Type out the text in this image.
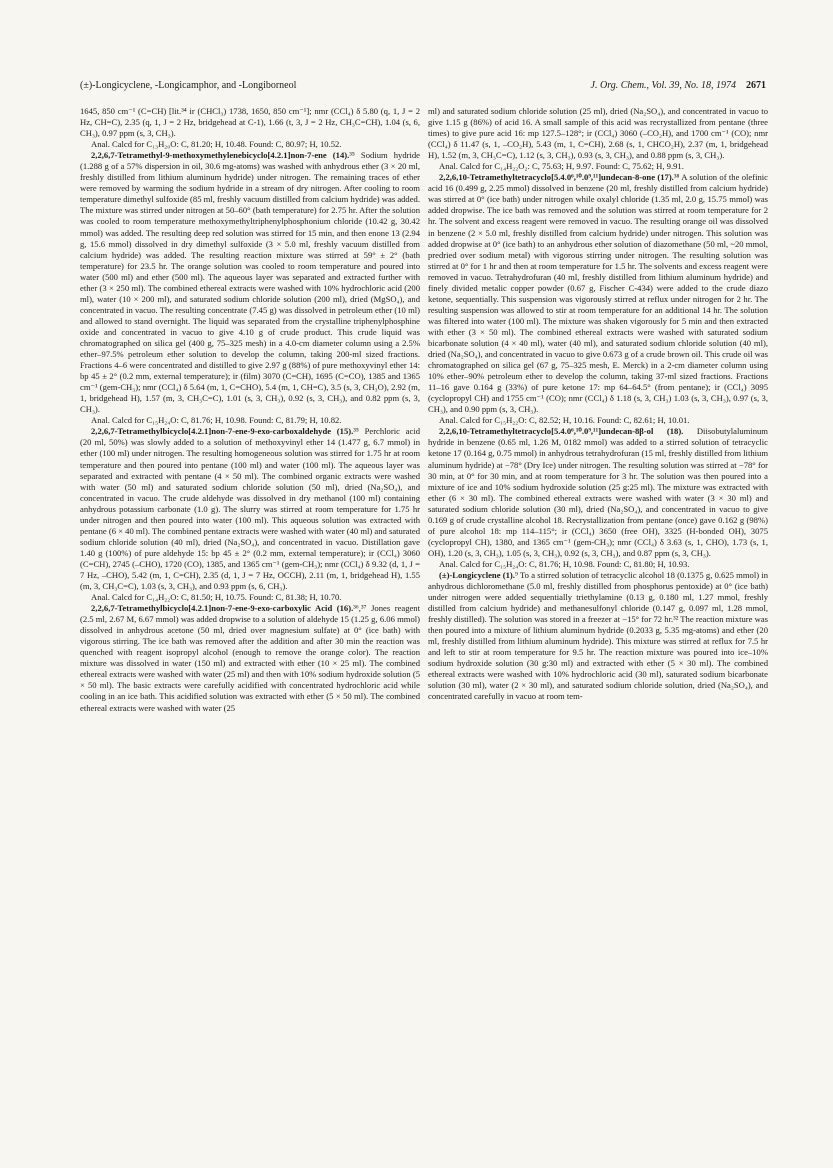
(±)-Longicyclene, -Longicamphor, and -Longiborneol	J. Org. Chem., Vol. 39, No. 18, 1974 2671

1645, 850 cm⁻¹ (C=CH) [lit.³⁴ ir (CHCl₃) 1738, 1650, 850 cm⁻¹]; nmr (CCl₄) δ 5.80 (q, 1, J = 2 Hz, CH=C), 2.35 (q, 1, J = 2 Hz, bridgehead at C-1), 1.66 (t, 3, J = 2 Hz, CH₃C=CH), 1.04 (s, 6, CH₃), 0.97 ppm (s, 3, CH₃).

Anal. Calcd for C₁₃H₂₀O: C, 81.20; H, 10.48. Found: C, 80.97; H, 10.52.

2,2,6,7-Tetramethyl-9-methoxymethylenebicyclo[4.2.1]non-7-ene (14).³⁵ Sodium hydride (1.288 g of a 57% dispersion in oil, 30.6 mg-atoms) was washed with anhydrous ether (3 × 20 ml, freshly distilled from lithium aluminum hydride) under nitrogen. The remaining traces of ether were removed by warming the sodium hydride in a stream of dry nitrogen. After cooling to room temperature dimethyl sulfoxide (85 ml, freshly vacuum distilled from calcium hydride) was added. The mixture was stirred under nitrogen at 50–60° (bath temperature) for 2.75 hr. After the solution was cooled to room temperature methoxymethyltriphenylphosphonium chloride (10.42 g, 30.42 mmol) was added. The resulting deep red solution was stirred for 15 min, and then enone 13 (2.94 g, 15.6 mmol) dissolved in dry dimethyl sulfoxide (3 × 5.0 ml, freshly vacuum distilled from calcium hydride) was added. The resulting reaction mixture was stirred at 59° ± 2° (bath temperature) for 23.5 hr. The orange solution was cooled to room temperature and poured into water (500 ml) and ether (500 ml). The aqueous layer was separated and extracted further with ether (3 × 250 ml). The combined ethereal extracts were washed with 10% hydrochloric acid (200 ml), water (10 × 200 ml), and saturated sodium chloride solution (200 ml), dried (MgSO₄), and concentrated in vacuo. The resulting concentrate (7.45 g) was dissolved in petroleum ether (10 ml) and allowed to stand overnight. The liquid was separated from the crystalline triphenylphosphine oxide and concentrated in vacuo to give 4.10 g of crude product. This crude liquid was chromatographed on silica gel (400 g, 75–325 mesh) in a 4.0-cm diameter column using a 2.5% ether–97.5% petroleum ether solution to develop the column, taking 200-ml sized fractions. Fractions 4–6 were concentrated and distilled to give 2.97 g (88%) of pure methoxyvinyl ether 14: bp 45 ± 2° (0.2 mm, external temperature); ir (film) 3070 (C=CH), 1695 (C=CO), 1385 and 1365 cm⁻¹ (gem-CH₃); nmr (CCl₄) δ 5.64 (m, 1, C=CHO), 5.4 (m, 1, CH=C), 3.5 (s, 3, CH₃O), 2.92 (m, 1, bridgehead H), 1.57 (m, 3, CH₃C=C), 1.01 (s, 3, CH₃), 0.92 (s, 3, CH₃), and 0.82 ppm (s, 3, CH₃).

Anal. Calcd for C₁₅H₂₄O: C, 81.76; H, 10.98. Found: C, 81.79; H, 10.82.

2,2,6,7-Tetramethylbicyclo[4.2.1]non-7-ene-9-exo-carboxaldehyde (15).³⁵ Perchloric acid (20 ml, 50%) was slowly added to a solution of methoxyvinyl ether 14 (1.477 g, 6.7 mmol) in ether (100 ml) under nitrogen. The resulting homogeneous solution was stirred for 1.75 hr at room temperature and then poured into pentane (100 ml) and water (100 ml). The aqueous layer was separated and extracted with pentane (4 × 50 ml). The combined organic extracts were washed with water (50 ml) and saturated sodium chloride solution (50 ml), dried (Na₂SO₄), and concentrated in vacuo. The crude aldehyde was dissolved in dry methanol (100 ml) containing anhydrous potassium carbonate (1.0 g). The slurry was stirred at room temperature for 1.75 hr under nitrogen and then poured into water (100 ml). This aqueous solution was extracted with pentane (6 × 40 ml). The combined pentane extracts were washed with water (40 ml) and saturated sodium chloride solution (40 ml), dried (Na₂SO₄), and concentrated in vacuo. Distillation gave 1.40 g (100%) of pure aldehyde 15: bp 45 ± 2° (0.2 mm, external temperature); ir (CCl₄) 3060 (C=CH), 2745 (–CHO), 1720 (CO), 1385, and 1365 cm⁻¹ (gem-CH₃); nmr (CCl₄) δ 9.32 (d, 1, J = 7 Hz, –CHO), 5.42 (m, 1, C=CH), 2.35 (d, 1, J = 7 Hz, OCCH), 2.11 (m, 1, bridgehead H), 1.55 (m, 3, CH₃C=C), 1.03 (s, 3, CH₃), and 0.93 ppm (s, 6, CH₃).

Anal. Calcd for C₁₄H₂₂O: C, 81.50; H, 10.75. Found: C, 81.38; H, 10.70.

2,2,6,7-Tetramethylbicyclo[4.2.1]non-7-ene-9-exo-carboxylic Acid (16).³⁶,³⁷ Jones reagent (2.5 ml, 2.67 M, 6.67 mmol) was added dropwise to a solution of aldehyde 15 (1.25 g, 6.06 mmol) dissolved in anhydrous acetone (50 ml, dried over magnesium sulfate) at 0° (ice bath) with vigorous stirring. The ice bath was removed after the addition and after 30 min the reaction was quenched with reagent isopropyl alcohol (enough to remove the orange color). The reaction mixture was dissolved in water (150 ml) and extracted with ether (10 × 25 ml). The combined ethereal extracts were washed with water (25 ml) and then with 10% sodium hydroxide solution (5 × 50 ml). The basic extracts were carefully acidified with concentrated hydrochloric acid while cooling in an ice bath. This acidified solution was extracted with ether (5 × 50 ml). The combined ethereal extracts were washed with water (25

ml) and saturated sodium chloride solution (25 ml), dried (Na₂SO₄), and concentrated in vacuo to give 1.15 g (86%) of acid 16. A small sample of this acid was recrystallized from pentane (three times) to give pure acid 16: mp 127.5–128°; ir (CCl₄) 3060 (–CO₂H), and 1700 cm⁻¹ (CO); nmr (CCl₄) δ 11.47 (s, 1, –CO₂H), 5.43 (m, 1, C=CH), 2.68 (s, 1, CHCO₂H), 2.37 (m, 1, bridgehead H), 1.52 (m, 3, CH₃C=C), 1.12 (s, 3, CH₃), 0.93 (s, 3, CH₃), and 0.88 ppm (s, 3, CH₃).

Anal. Calcd for C₁₄H₂₂O₂: C, 75.63; H, 9.97. Found: C, 75.62; H, 9.91.

2,2,6,10-Tetramethyltetracyclo[5.4.0⁶,¹⁰.0⁹,¹¹]undecan-8-one (17).³⁸ A solution of the olefinic acid 16 (0.499 g, 2.25 mmol) dissolved in benzene (20 ml, freshly distilled from calcium hydride) was stirred at 0° (ice bath) under nitrogen while oxalyl chloride (1.35 ml, 2.0 g, 15.75 mmol) was added dropwise. The ice bath was removed and the solution was stirred at room temperature for 2 hr. The solvent and excess reagent were removed in vacuo. The resulting orange oil was dissolved in benzene (2 × 5.0 ml, freshly distilled from calcium hydride) under nitrogen. This solution was added dropwise at 0° (ice bath) to an anhydrous ether solution of diazomethane (50 ml, ~20 mmol, predried over sodium metal) with vigorous stirring under nitrogen. The resulting solution was stirred at 0° for 1 hr and then at room temperature for 1.5 hr. The solvents and excess reagent were removed in vacuo. Tetrahydrofuran (40 ml, freshly distilled from lithium aluminum hydride) and finely divided metalic copper powder (0.67 g, Fischer C-434) were added to the crude diazo ketone, sequentially. This suspension was vigorously stirred at reflux under nitrogen for 2 hr. The resulting suspension was allowed to stir at room temperature for an additional 14 hr. The solution was filtered into water (100 ml). The mixture was shaken vigorously for 5 min and then extracted with ether (3 × 50 ml). The combined ethereal extracts were washed with saturated sodium bicarbonate solution (4 × 40 ml), water (40 ml), and saturated sodium chloride solution (40 ml), dried (Na₂SO₄), and concentrated in vacuo to give 0.673 g of a crude brown oil. This crude oil was chromatographed on silica gel (67 g, 75–325 mesh, E. Merck) in a 2-cm diameter column using 10% ether–90% petroleum ether to develop the column, taking 37-ml sized fractions. Fractions 11–16 gave 0.164 g (33%) of pure ketone 17: mp 64–64.5° (from pentane); ir (CCl₄) 3095 (cyclopropyl CH) and 1755 cm⁻¹ (CO); nmr (CCl₄) δ 1.18 (s, 3, CH₃) 1.03 (s, 3, CH₃), 0.97 (s, 3, CH₃), and 0.90 ppm (s, 3, CH₃).

Anal. Calcd for C₁₅H₂₂O: C, 82.52; H, 10.16. Found: C, 82.61; H, 10.01.

2,2,6,10-Tetramethyltetracyclo[5.4.0⁶,¹⁰.0⁹,¹¹]undecan-8β-ol (18). Diisobutylaluminum hydride in benzene (0.65 ml, 1.26 M, 0182 mmol) was added to a stirred solution of tetracyclic ketone 17 (0.164 g, 0.75 mmol) in anhydrous tetrahydrofuran (15 ml, freshly distilled from lithium aluminum hydride) at −78° (Dry Ice) under nitrogen. The resulting solution was stirred at −78° for 30 min, at 0° for 30 min, and at room temperature for 3 hr. The solution was then poured into a mixture of ice and 10% sodium hydroxide solution (25 g:25 ml). The mixture was extracted with ether (6 × 30 ml). The combined ethereal extracts were washed with water (3 × 30 ml) and saturated sodium chloride solution (30 ml), dried (Na₂SO₄), and concentrated in vacuo to give 0.169 g of crude crystalline alcohol 18. Recrystallization from pentane (once) gave 0.162 g (98%) of pure alcohol 18: mp 114–115°; ir (CCl₄) 3650 (free OH), 3325 (H-bonded OH), 3075 (cyclopropyl CH), 1380, and 1365 cm⁻¹ (gem-CH₃); nmr (CCl₄) δ 3.63 (s, 1, CHO), 1.73 (s, 1, OH), 1.20 (s, 3, CH₃), 1.05 (s, 3, CH₃), 0.92 (s, 3, CH₃), and 0.87 ppm (s, 3, CH₃).

Anal. Calcd for C₁₅H₂₄O: C, 81.76; H, 10.98. Found: C, 81.80; H, 10.93.

(±)-Longicyclene (1).⁹ To a stirred solution of tetracyclic alcohol 18 (0.1375 g, 0.625 mmol) in anhydrous dichloromethane (5.0 ml, freshly distilled from phosphorus pentoxide) at 0° (ice bath) under nitrogen were added sequentially triethylamine (0.13 g, 0.180 ml, 1.27 mmol, freshly distilled from calcium hydride) and methanesulfonyl chloride (0.147 g, 0.097 ml, 1.28 mmol, freshly distilled). The solution was stored in a freezer at −15° for 72 hr.³² The reaction mixture was then poured into a mixture of lithium aluminum hydride (0.2033 g, 5.35 mg-atoms) and ether (20 ml, freshly distilled from lithium aluminum hydride). This mixture was stirred at reflux for 7.5 hr and left to stir at room temperature for 9.5 hr. The reaction mixture was poured into ice–10% sodium hydroxide solution (30 g:30 ml) and extracted with ether (5 × 30 ml). The combined ethereal extracts were washed with 10% hydrochloric acid (30 ml), saturated sodium bicarbonate solution (30 ml), water (2 × 30 ml), and saturated sodium chloride solution, dried (Na₂SO₄), and concentrated carefully in vacuo at room tem-
